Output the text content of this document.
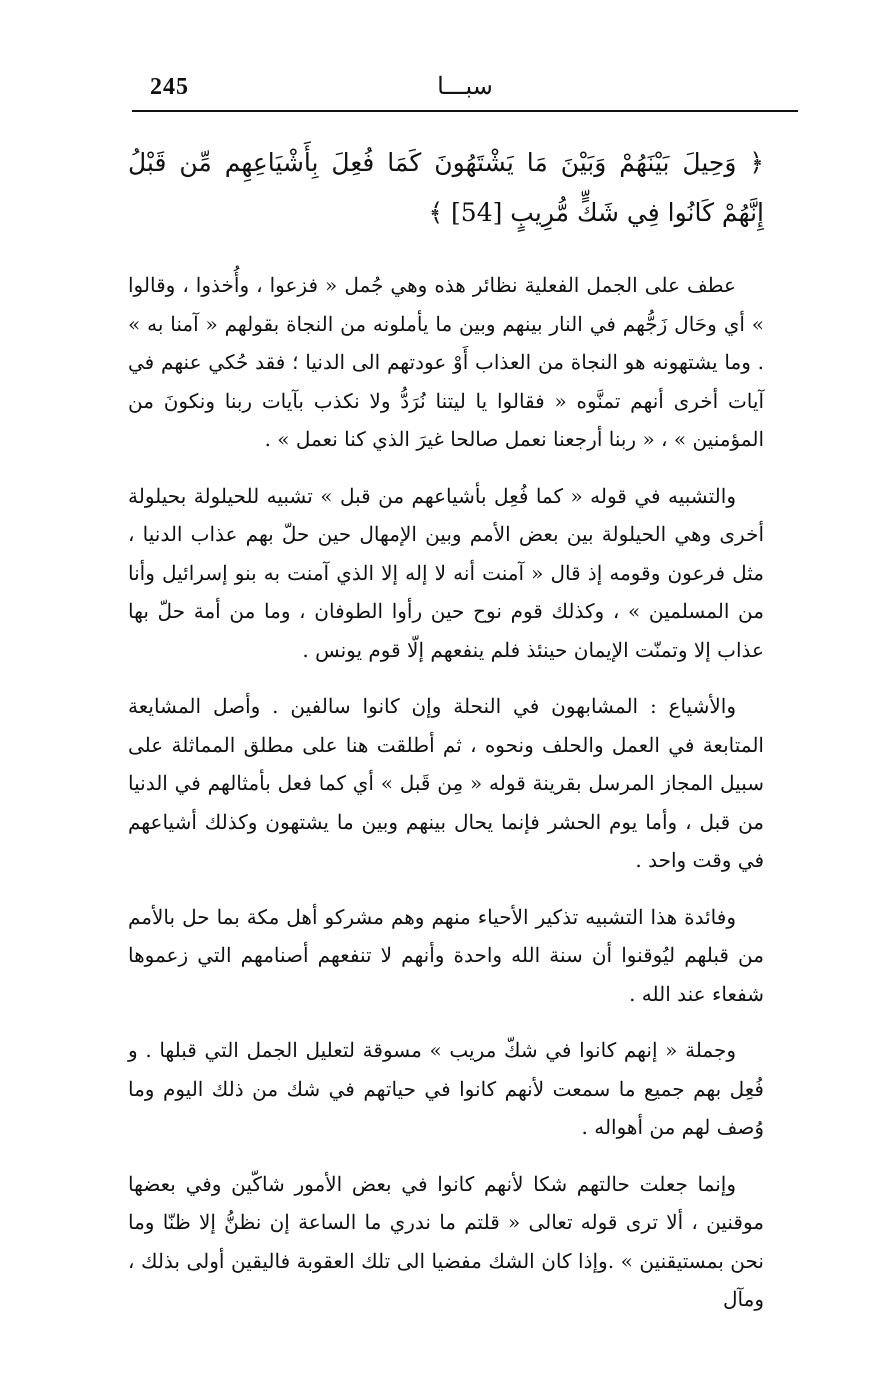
245	سبـــا

﴿ وَحِيلَ بَيْنَهُمْ وَبَيْنَ مَا يَشْتَهُونَ كَمَا فُعِلَ بِأَشْيَاعِهِم مِّن قَبْلُ إِنَّهُمْ كَانُوا فِي شَكٍّ مُّرِيبٍ [54] ﴾

عطف على الجمل الفعلية نظائر هذه وهي جُمل « فزعوا ، وأُخذوا ، وقالوا » أي وحَال زَجُّهم في النار بينهم وبين ما يأملونه من النجاة بقولهم « آمنا به » . وما يشتهونه هو النجاة من العذاب أَوْ عودتهم الى الدنيا ؛ فقد حُكي عنهم في آيات أخرى أنهم تمنَّوه « فقالوا يا ليتنا نُرَدُّ ولا نكذب بآيات ربنا ونكونَ من المؤمنين » ، « ربنا أرجعنا نعمل صالحا غيرَ الذي كنا نعمل » .

والتشبيه في قوله « كما فُعِل بأشياعهم من قبل » تشبيه للحيلولة بحيلولة أخرى وهي الحيلولة بين بعض الأمم وبين الإمهال حين حلّ بهم عذاب الدنيا ، مثل فرعون وقومه إذ قال « آمنت أنه لا إله إلا الذي آمنت به بنو إسرائيل وأنا من المسلمين » ، وكذلك قوم نوح حين رأوا الطوفان ، وما من أمة حلّ بها عذاب إلا وتمنّت الإيمان حينئذ فلم ينفعهم إلّا قوم يونس .

والأشياع : المشابهون في النحلة وإن كانوا سالفين . وأصل المشايعة المتابعة في العمل والحلف ونحوه ، ثم أطلقت هنا على مطلق المماثلة على سبيل المجاز المرسل بقرينة قوله « مِن قَبل » أي كما فعل بأمثالهم في الدنيا من قبل ، وأما يوم الحشر فإنما يحال بينهم وبين ما يشتهون وكذلك أشياعهم في وقت واحد .

وفائدة هذا التشبيه تذكير الأحياء منهم وهم مشركو أهل مكة بما حل بالأمم من قبلهم ليُوقنوا أن سنة الله واحدة وأنهم لا تنفعهم أصنامهم التي زعموها شفعاء عند الله .

وجملة « إنهم كانوا في شكّ مريب » مسوقة لتعليل الجمل التي قبلها . و فُعِل بهم جميع ما سمعت لأنهم كانوا في حياتهم في شك من ذلك اليوم وما وُصف لهم من أهواله .

وإنما جعلت حالتهم شكا لأنهم كانوا في بعض الأمور شاكّين وفي بعضها موقنين ، ألا ترى قوله تعالى « قلتم ما ندري ما الساعة إن نظنُّ إلا ظنّا وما نحن بمستيقنين » .وإذا كان الشك مفضيا الى تلك العقوبة فاليقين أولى بذلك ، ومآل
